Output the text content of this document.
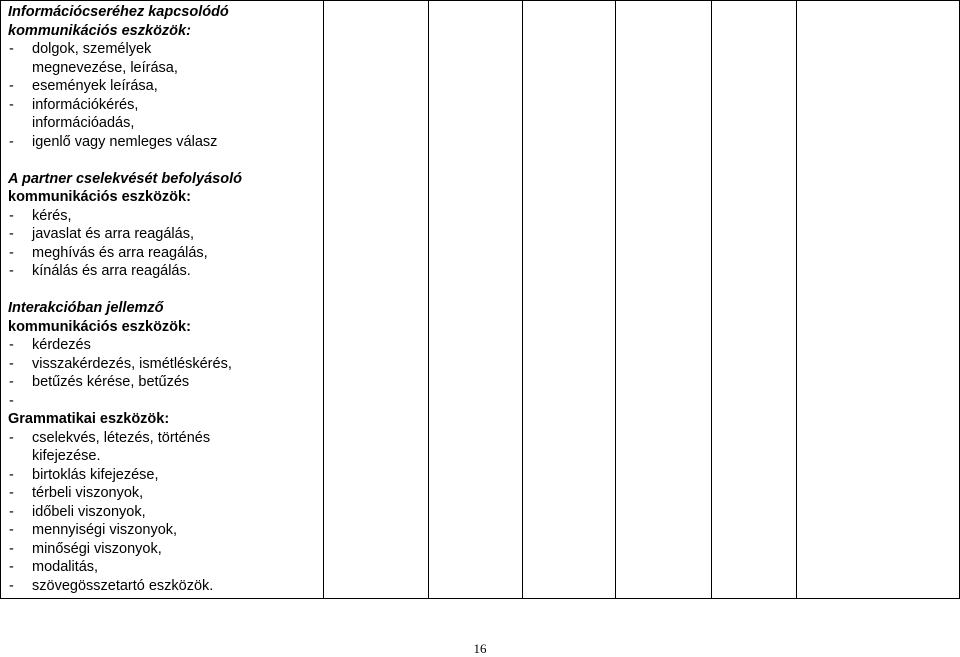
Információcseréhez kapcsolódó
kommunikációs eszközök:
- dolgok, személyek
megnevezése, leírása,
- események leírása,
- információkérés,
információadás,
- igenlő vagy nemleges válasz
A partner cselekvését befolyásoló
kommunikációs eszközök:
- kérés,
- javaslat és arra reagálás,
- meghívás és arra reagálás,
- kínálás és arra reagálás.
Interakcióban jellemző
kommunikációs eszközök:
- kérdezés
- visszakérdezés, ismétléskérés,
- betűzés kérése, betűzés
-
Grammatikai eszközök:
- cselekvés, létezés, történés
kifejezése.
- birtoklás kifejezése,
- térbeli viszonyok,
- időbeli viszonyok,
- mennyiségi viszonyok,
- minőségi viszonyok,
- modalitás,
- szövegösszetartó eszközök.

16
